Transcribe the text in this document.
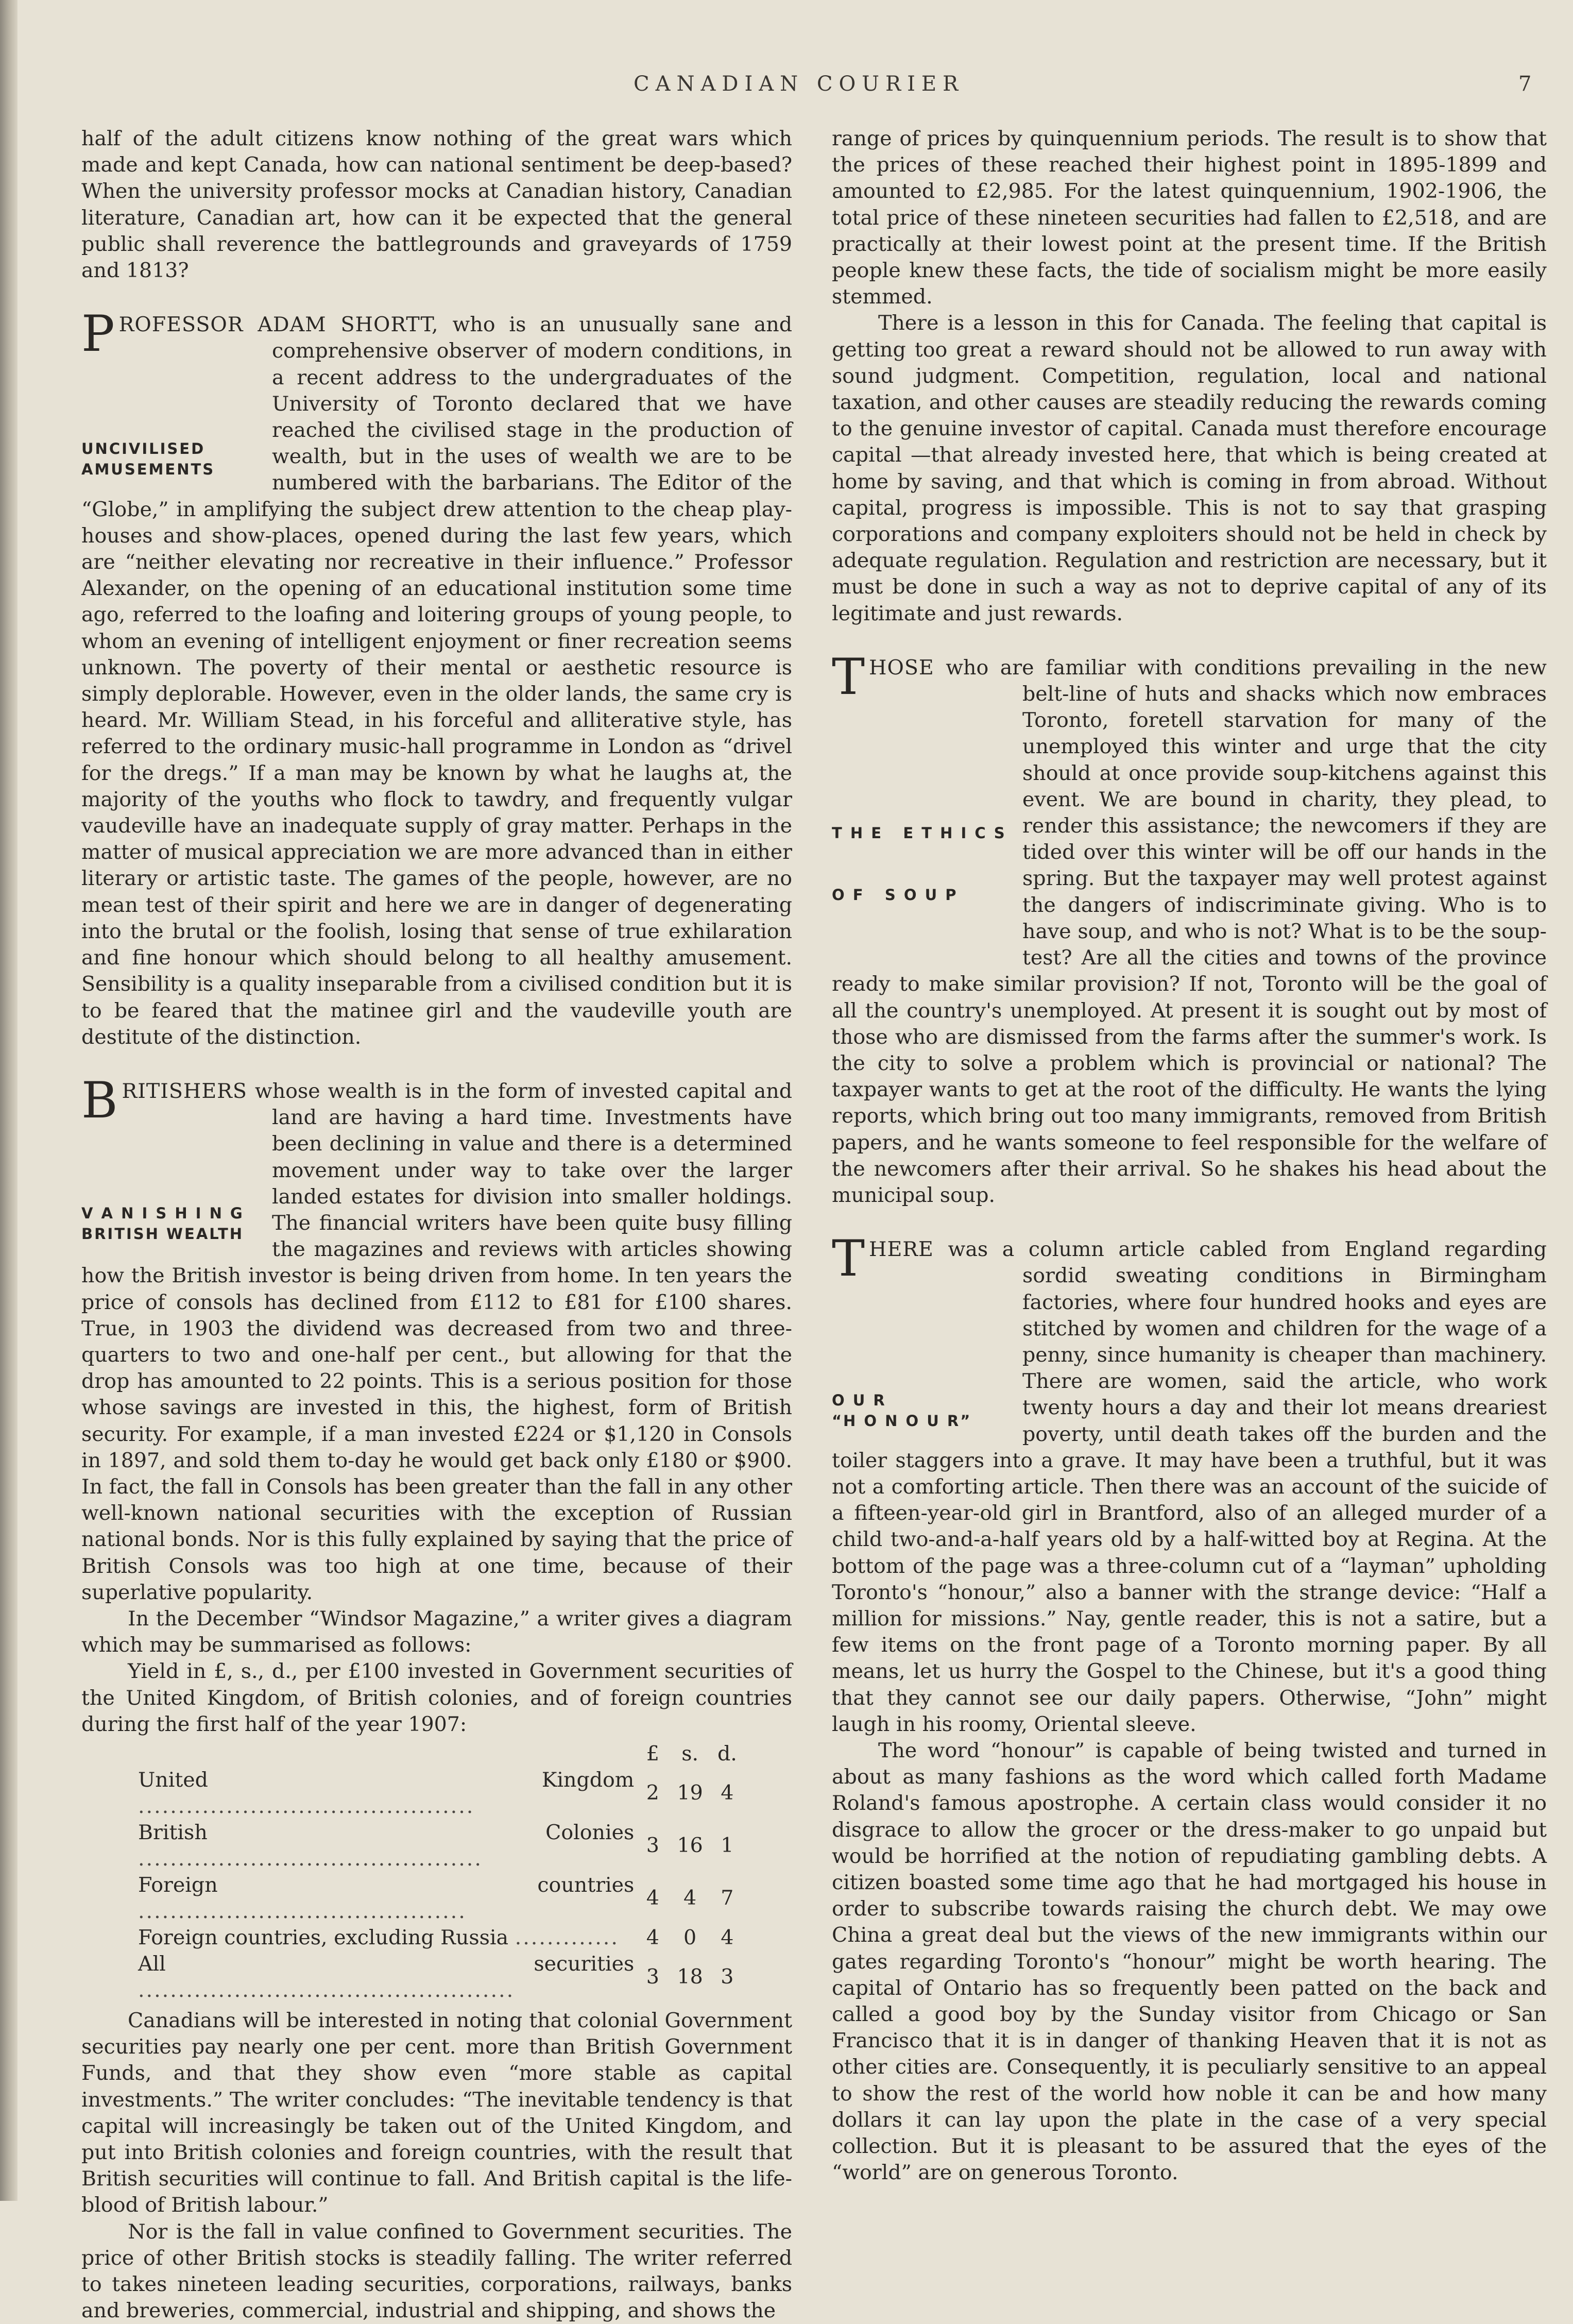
CANADIAN COURIER	7

half of the adult citizens know nothing of the great wars which made and kept Canada, how can national sentiment be deep-based? When the university professor mocks at Canadian history, Canadian literature, Canadian art, how can it be expected that the general public shall reverence the battlegrounds and graveyards of 1759 and 1813?

P
UNCIVILISED
AMUSEMENTS

ROFESSOR ADAM SHORTT, who is an unusually sane and comprehensive observer of modern conditions, in a recent address to the undergraduates of the University of Toronto declared that we have reached the civilised stage in the production of wealth, but in the uses of wealth we are to be numbered with the barbarians. The Editor of the “Globe,” in amplifying the subject drew attention to the cheap play-houses and show-places, opened during the last few years, which are “neither elevating nor recreative in their influence.” Professor Alexander, on the opening of an educational institution some time ago, referred to the loafing and loitering groups of young people, to whom an evening of intelligent enjoyment or finer recreation seems unknown. The poverty of their mental or aesthetic resource is simply deplorable. However, even in the older lands, the same cry is heard. Mr. William Stead, in his forceful and alliterative style, has referred to the ordinary music-hall programme in London as “drivel for the dregs.” If a man may be known by what he laughs at, the majority of the youths who flock to tawdry, and frequently vulgar vaudeville have an inadequate supply of gray matter. Perhaps in the matter of musical appreciation we are more advanced than in either literary or artistic taste. The games of the people, however, are no mean test of their spirit and here we are in danger of degenerating into the brutal or the foolish, losing that sense of true exhilaration and fine honour which should belong to all healthy amusement. Sensibility is a quality inseparable from a civilised condition but it is to be feared that the matinee girl and the vaudeville youth are destitute of the distinction.

B
V A N I S H I N G
BRITISH WEALTH

RITISHERS whose wealth is in the form of invested capital and land are having a hard time. Investments have been declining in value and there is a determined movement under way to take over the larger landed estates for division into smaller holdings. The financial writers have been quite busy filling the magazines and reviews with articles showing how the British investor is being driven from home. In ten years the price of consols has declined from £112 to £81 for £100 shares. True, in 1903 the dividend was decreased from two and three-quarters to two and one-half per cent., but allowing for that the drop has amounted to 22 points. This is a serious position for those whose savings are invested in this, the highest, form of British security. For example, if a man invested £224 or $1,120 in Consols in 1897, and sold them to-day he would get back only £180 or $900. In fact, the fall in Consols has been greater than the fall in any other well-known national securities with the exception of Russian national bonds. Nor is this fully explained by saying that the price of British Consols was too high at one time, because of their superlative popularity.

In the December “Windsor Magazine,” a writer gives a diagram which may be summarised as follows:

Yield in £, s., d., per £100 invested in Government securities of the United Kingdom, of British colonies, and of foreign countries during the first half of the year 1907:

	£	s.	d.
United Kingdom ..........................................	2	19	4
British Colonies ...........................................	3	16	1
Foreign countries .........................................	4	4	7
Foreign countries, excluding Russia .............	4	0	4
All securities ...............................................	3	18	3

Canadians will be interested in noting that colonial Government securities pay nearly one per cent. more than British Government Funds, and that they show even “more stable as capital investments.” The writer concludes: “The inevitable tendency is that capital will increasingly be taken out of the United Kingdom, and put into British colonies and foreign countries, with the result that British securities will continue to fall. And British capital is the life-blood of British labour.”

Nor is the fall in value confined to Government securities. The price of other British stocks is steadily falling. The writer referred to takes nineteen leading securities, corporations, railways, banks and breweries, commercial, industrial and shipping, and shows the

range of prices by quinquennium periods. The result is to show that the prices of these reached their highest point in 1895-1899 and amounted to £2,985. For the latest quinquennium, 1902-1906, the total price of these nineteen securities had fallen to £2,518, and are practically at their lowest point at the present time. If the British people knew these facts, the tide of socialism might be more easily stemmed.

There is a lesson in this for Canada. The feeling that capital is getting too great a reward should not be allowed to run away with sound judgment. Competition, regulation, local and national taxation, and other causes are steadily reducing the rewards coming to the genuine investor of capital. Canada must therefore encourage capital —that already invested here, that which is being created at home by saving, and that which is coming in from abroad. Without capital, progress is impossible. This is not to say that grasping corporations and company exploiters should not be held in check by adequate regulation. Regulation and restriction are necessary, but it must be done in such a way as not to deprive capital of any of its legitimate and just rewards.

T

T H E   E T H I C S

O F   S O U P

HOSE who are familiar with conditions prevailing in the new belt-line of huts and shacks which now embraces Toronto, foretell starvation for many of the unemployed this winter and urge that the city should at once provide soup-kitchens against this event. We are bound in charity, they plead, to render this assistance; the newcomers if they are tided over this winter will be off our hands in the spring. But the taxpayer may well protest against the dangers of indiscriminate giving. Who is to have soup, and who is not? What is to be the soup-test? Are all the cities and towns of the province ready to make similar provision? If not, Toronto will be the goal of all the country's unemployed. At present it is sought out by most of those who are dismissed from the farms after the summer's work. Is the city to solve a problem which is provincial or national? The taxpayer wants to get at the root of the difficulty. He wants the lying reports, which bring out too many immigrants, removed from British papers, and he wants someone to feel responsible for the welfare of the newcomers after their arrival. So he shakes his head about the municipal soup.

T
O U R
“H O N O U R”

HERE was a column article cabled from England regarding sordid sweating conditions in Birmingham factories, where four hundred hooks and eyes are stitched by women and children for the wage of a penny, since humanity is cheaper than machinery. There are women, said the article, who work twenty hours a day and their lot means dreariest poverty, until death takes off the burden and the toiler staggers into a grave. It may have been a truthful, but it was not a comforting article. Then there was an account of the suicide of a fifteen-year-old girl in Brantford, also of an alleged murder of a child two-and-a-half years old by a half-witted boy at Regina. At the bottom of the page was a three-column cut of a “layman” upholding Toronto's “honour,” also a banner with the strange device: “Half a million for missions.” Nay, gentle reader, this is not a satire, but a few items on the front page of a Toronto morning paper. By all means, let us hurry the Gospel to the Chinese, but it's a good thing that they cannot see our daily papers. Otherwise, “John” might laugh in his roomy, Oriental sleeve.

The word “honour” is capable of being twisted and turned in about as many fashions as the word which called forth Madame Roland's famous apostrophe. A certain class would consider it no disgrace to allow the grocer or the dress-maker to go unpaid but would be horrified at the notion of repudiating gambling debts. A citizen boasted some time ago that he had mortgaged his house in order to subscribe towards raising the church debt. We may owe China a great deal but the views of the new immigrants within our gates regarding Toronto's “honour” might be worth hearing. The capital of Ontario has so frequently been patted on the back and called a good boy by the Sunday visitor from Chicago or San Francisco that it is in danger of thanking Heaven that it is not as other cities are. Consequently, it is peculiarly sensitive to an appeal to show the rest of the world how noble it can be and how many dollars it can lay upon the plate in the case of a very special collection. But it is pleasant to be assured that the eyes of the “world” are on generous Toronto.
